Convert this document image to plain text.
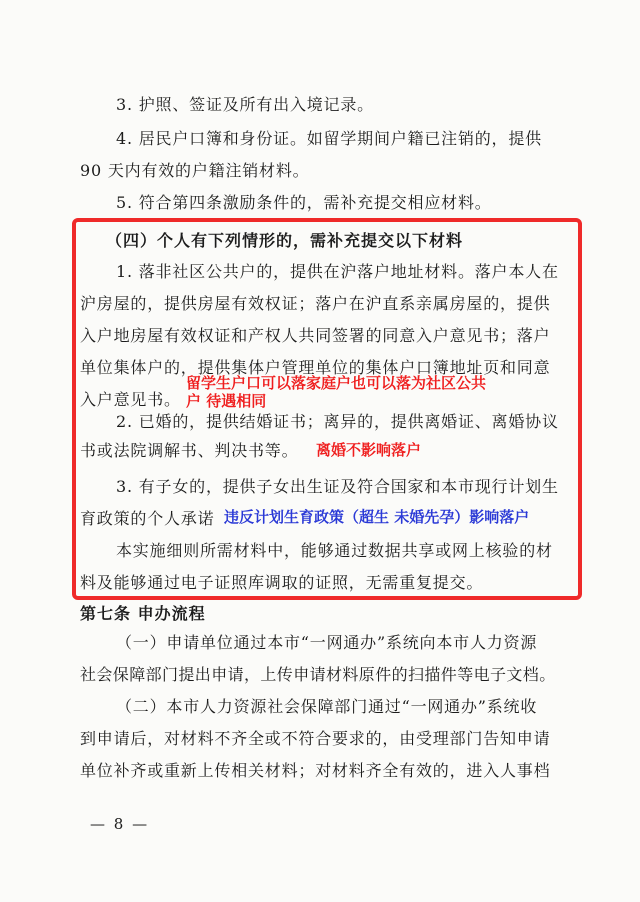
3. 护照、签证及所有出入境记录。
4. 居民户口簿和身份证。如留学期间户籍已注销的，提供
90 天内有效的户籍注销材料。
5. 符合第四条激励条件的，需补充提交相应材料。
（四）个人有下列情形的，需补充提交以下材料
1. 落非社区公共户的，提供在沪落户地址材料。落户本人在
沪房屋的，提供房屋有效权证；落户在沪直系亲属房屋的，提供
入户地房屋有效权证和产权人共同签署的同意入户意见书；落户
单位集体户的，提供集体户管理单位的集体户口簿地址页和同意
入户意见书。
留学生户口可以落家庭户也可以落为社区公共
户 待遇相同
2. 已婚的，提供结婚证书；离异的，提供离婚证、离婚协议
书或法院调解书、判决书等。 离婚不影响落户
3. 有子女的，提供子女出生证及符合国家和本市现行计划生
育政策的个人承诺 违反计划生育政策（超生 未婚先孕）影响落户
本实施细则所需材料中，能够通过数据共享或网上核验的材
料及能够通过电子证照库调取的证照，无需重复提交。
第七条 申办流程
（一）申请单位通过本市“一网通办”系统向本市人力资源
社会保障部门提出申请，上传申请材料原件的扫描件等电子文档。
（二）本市人力资源社会保障部门通过“一网通办”系统收
到申请后，对材料不齐全或不符合要求的，由受理部门告知申请
单位补齐或重新上传相关材料；对材料齐全有效的，进入人事档
— 8 —
